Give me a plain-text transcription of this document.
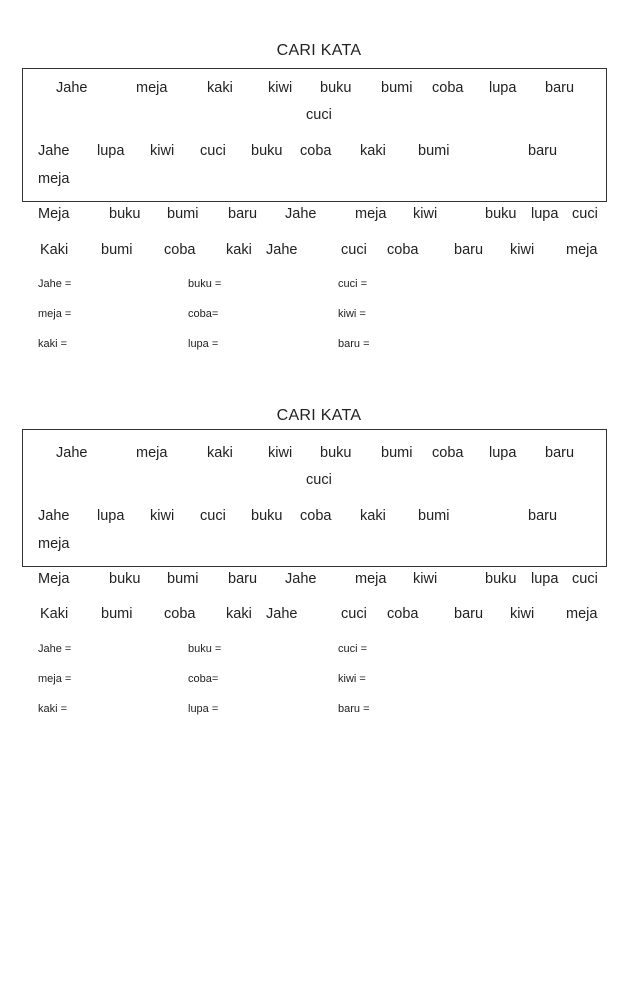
CARI KATA
Jahe	meja	kaki kiwi buku bumi coba lupa baru
cuci
Jahe lupa kiwi cuci buku coba kaki bumi	baru
meja
Meja	buku bumi baru Jahe	meja kiwi	buku lupa cuci
Kaki bumi coba kaki Jahe	cuci coba baru kiwi meja
Jahe =	buku =	cuci =
meja =	coba=	kiwi =
kaki =	lupa =	baru =
CARI KATA
Jahe	meja	kaki kiwi buku bumi coba lupa baru
cuci
Jahe lupa kiwi cuci buku coba kaki bumi	baru
meja
Meja	buku bumi baru Jahe	meja kiwi	buku lupa cuci
Kaki bumi coba kaki Jahe	cuci coba baru kiwi meja
Jahe =	buku =	cuci =
meja =	coba=	kiwi =
kaki =	lupa =	baru =
